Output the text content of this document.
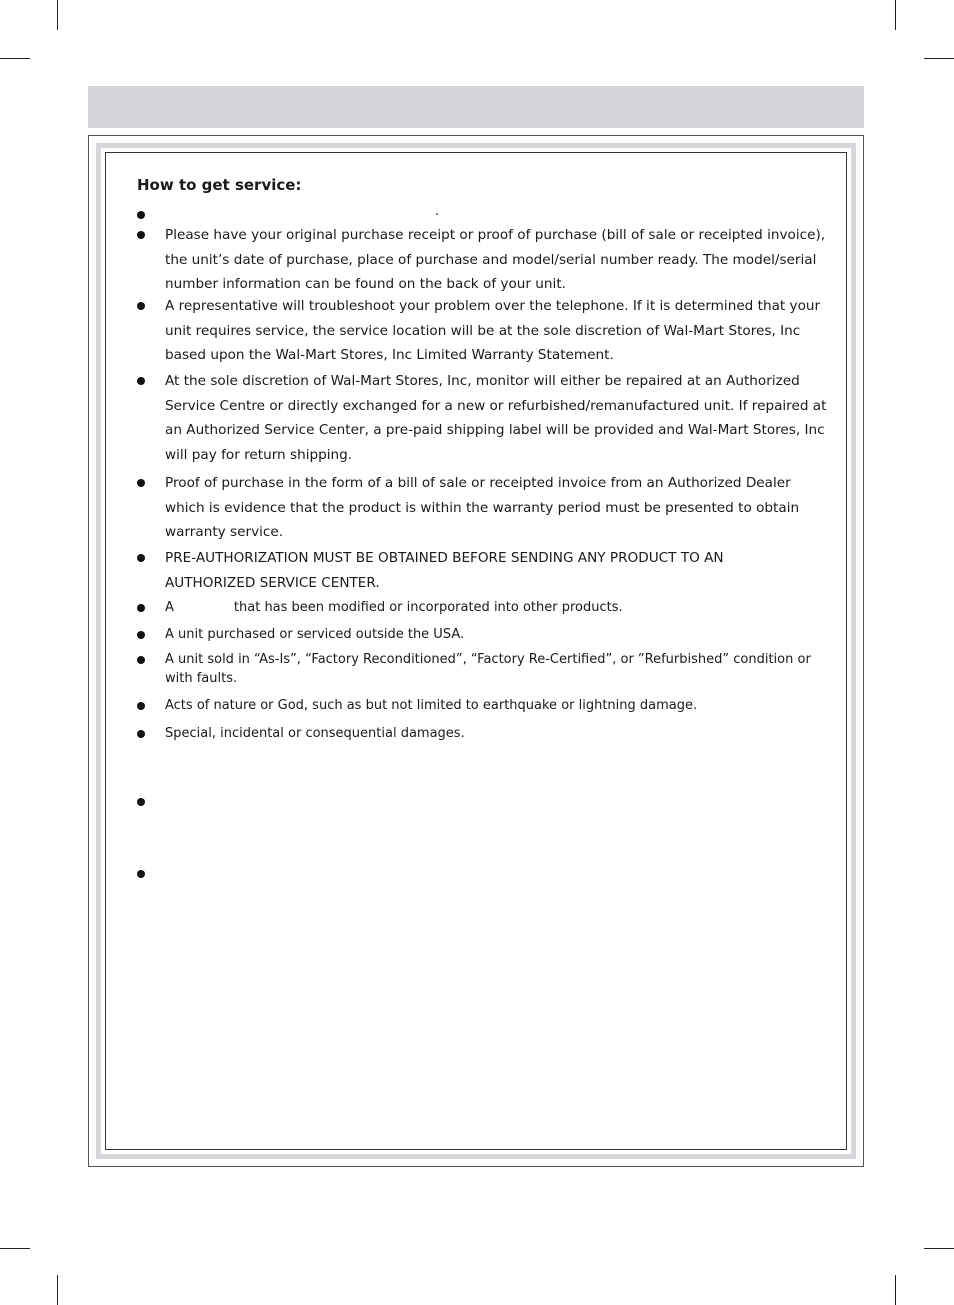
How to get service:
.
Please have your original purchase receipt or proof of purchase (bill of sale or receipted invoice), the unit’s date of purchase, place of purchase and model/serial number ready. The model/serial number information can be found on the back of your unit.
A representative will troubleshoot your problem over the telephone. If it is determined that your unit requires service, the service location will be at the sole discretion of Wal-Mart Stores, Inc based upon the Wal-Mart Stores, Inc Limited Warranty Statement.
At the sole discretion of Wal-Mart Stores, Inc, monitor will either be repaired at an Authorized Service Centre or directly exchanged for a new or refurbished/remanufactured unit. If repaired at an Authorized Service Center, a pre-paid shipping label will be provided and Wal-Mart Stores, Inc will pay for return shipping.
Proof of purchase in the form of a bill of sale or receipted invoice from an Authorized Dealer which is evidence that the product is within the warranty period must be presented to obtain warranty service.
PRE-AUTHORIZATION MUST BE OBTAINED BEFORE SENDING ANY PRODUCT TO AN AUTHORIZED SERVICE CENTER.
A	that has been modified or incorporated into other products.
A unit purchased or serviced outside the USA.
A unit sold in “As-Is”, “Factory Reconditioned”, “Factory Re-Certified”, or ”Refurbished” condition or with faults.
Acts of nature or God, such as but not limited to earthquake or lightning damage.
Special, incidental or consequential damages.
